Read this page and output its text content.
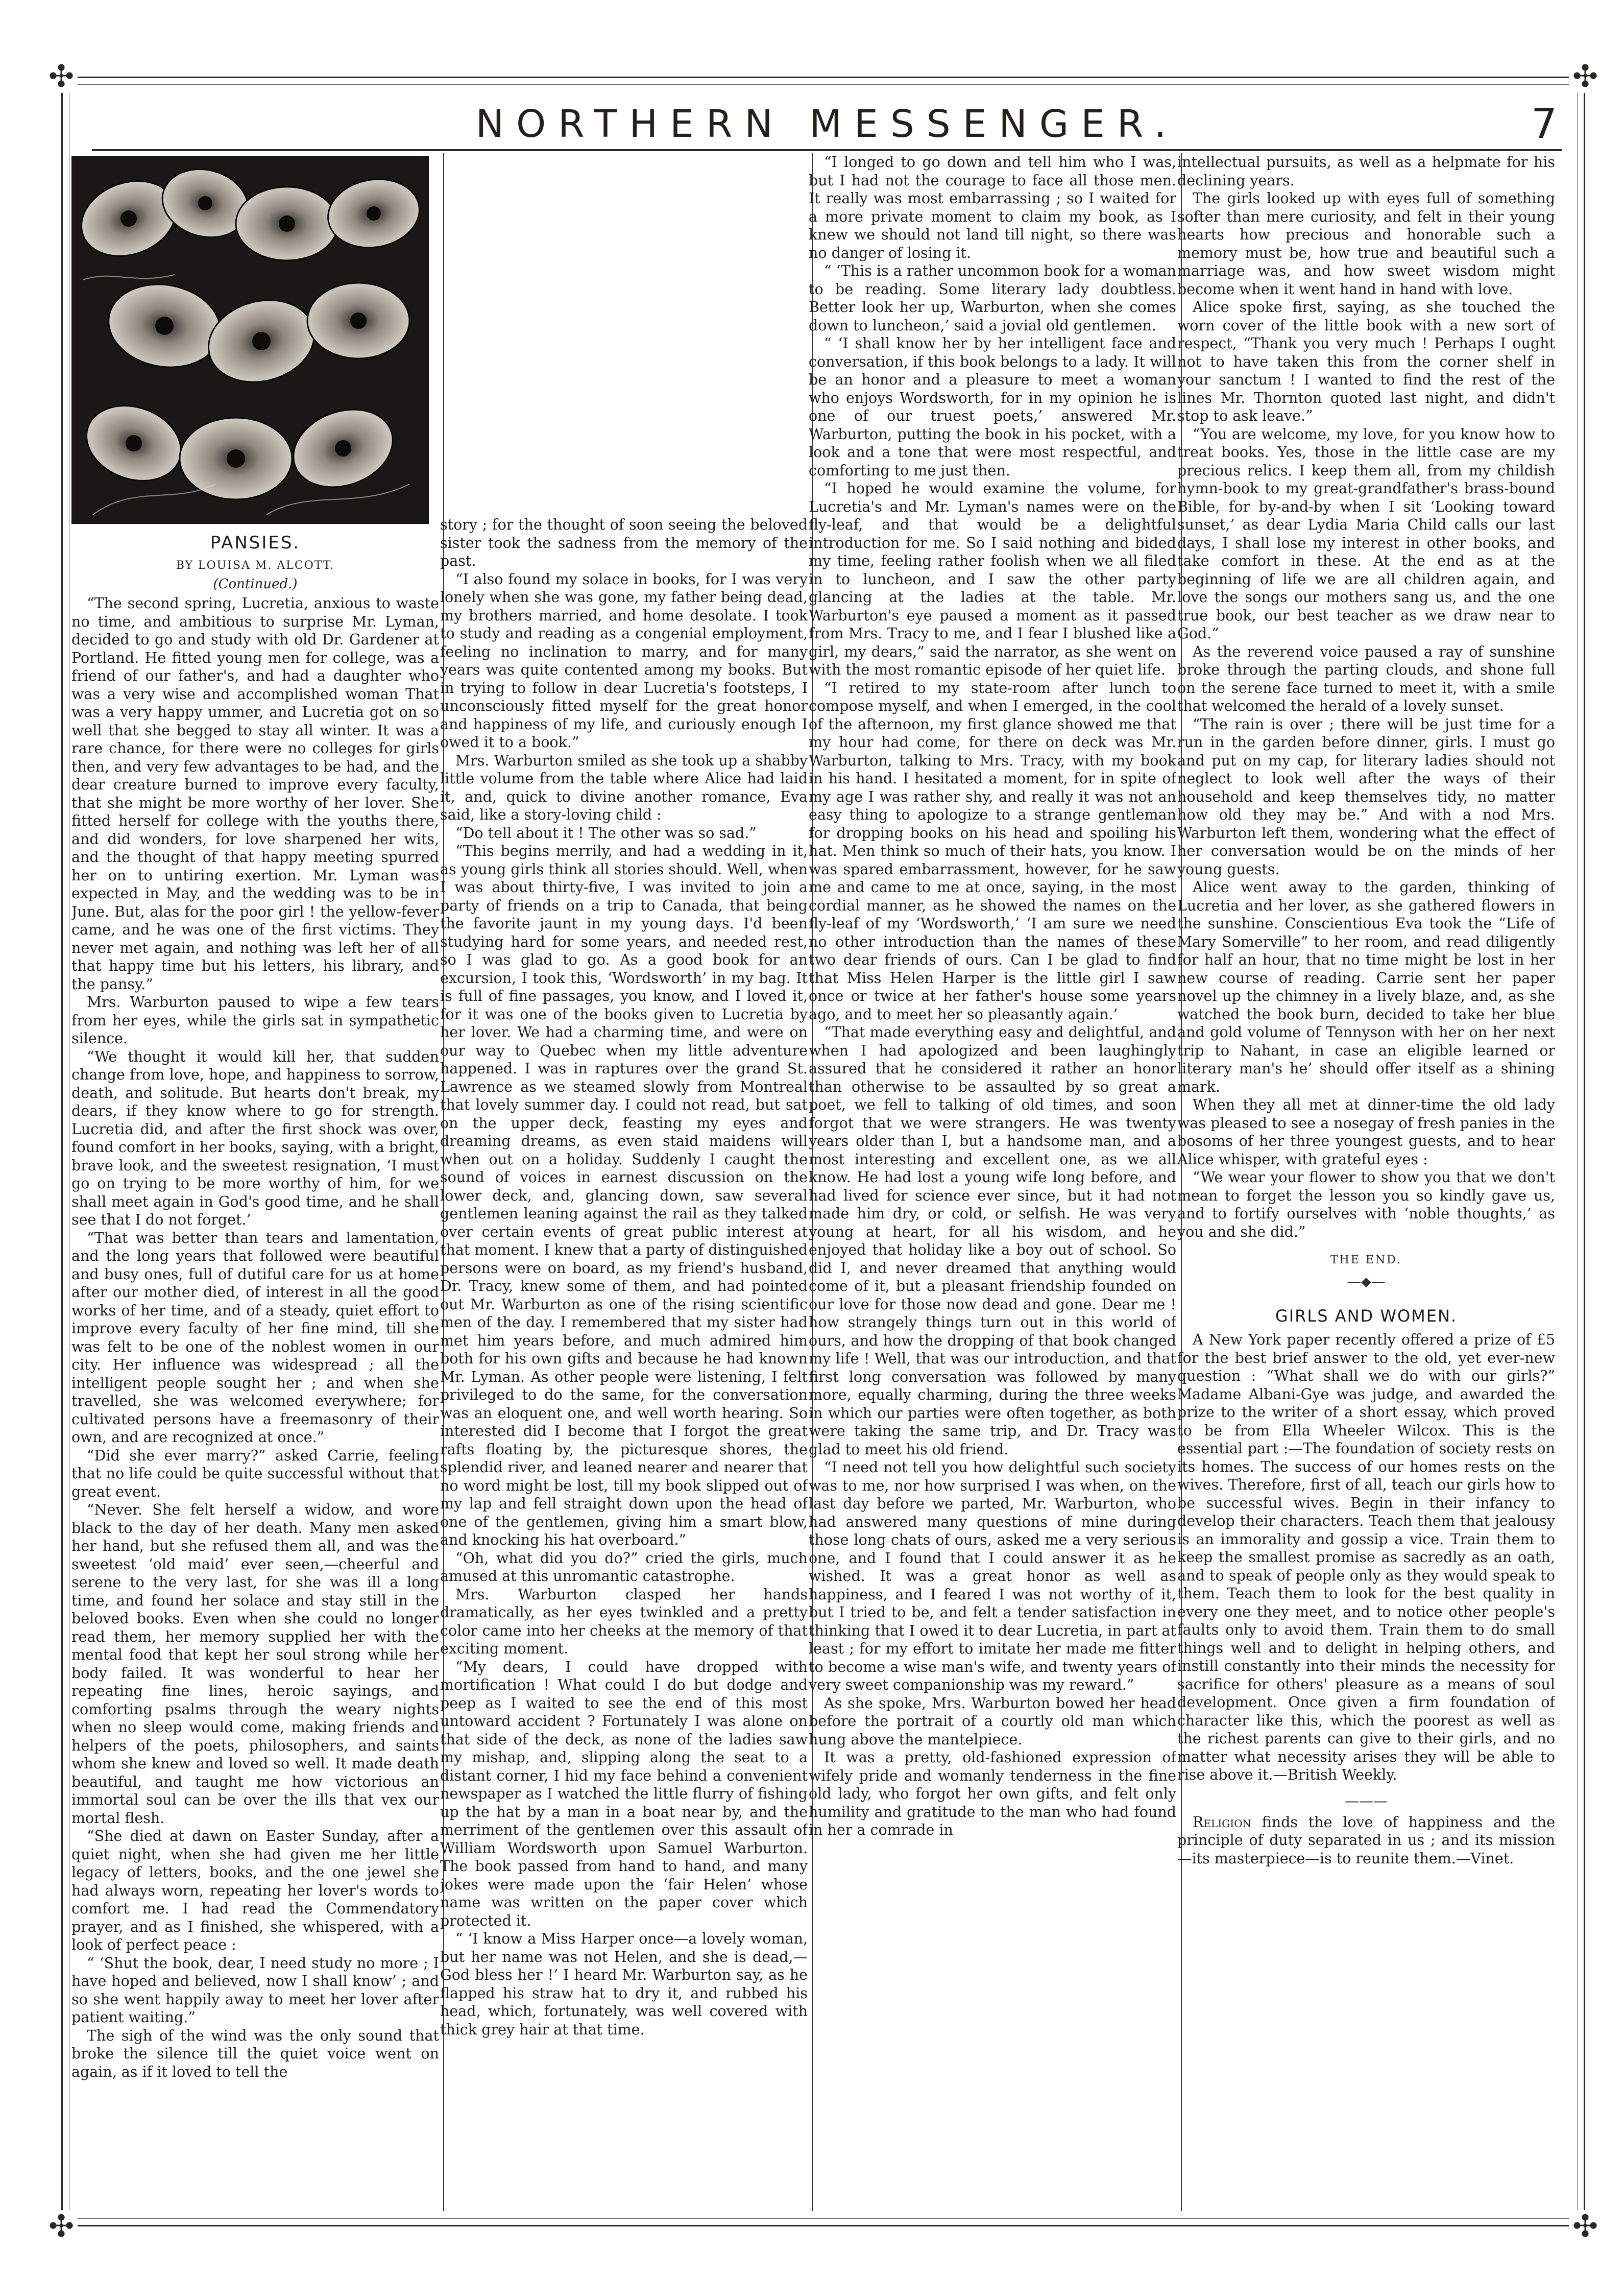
✣	✣
✣	✣
NORTHERN MESSENGER.	7

PANSIES.

BY LOUISA M. ALCOTT.

(Continued.)

“The second spring, Lucretia, anxious to waste no time, and ambitious to surprise Mr. Lyman, decided to go and study with old Dr. Gardener at Portland. He fitted young men for college, was a friend of our father's, and had a daughter who was a very wise and accomplished woman That was a very happy ummer, and Lucretia got on so well that she begged to stay all winter. It was a rare chance, for there were no colleges for girls then, and very few advantages to be had, and the dear creature burned to improve every faculty, that she might be more worthy of her lover. She fitted herself for college with the youths there, and did wonders, for love sharpened her wits, and the thought of that happy meeting spurred her on to untiring exertion. Mr. Lyman was expected in May, and the wedding was to be in June. But, alas for the poor girl ! the yellow-fever came, and he was one of the first victims. They never met again, and nothing was left her of all that happy time but his letters, his library, and the pansy.”

Mrs. Warburton paused to wipe a few tears from her eyes, while the girls sat in sympathetic silence.

“We thought it would kill her, that sudden change from love, hope, and happiness to sorrow, death, and solitude. But hearts don't break, my dears, if they know where to go for strength. Lucretia did, and after the first shock was over, found comfort in her books, saying, with a bright, brave look, and the sweetest resignation, ‘I must go on trying to be more worthy of him, for we shall meet again in God's good time, and he shall see that I do not forget.’

“That was better than tears and lamentation, and the long years that followed were beautiful and busy ones, full of dutiful care for us at home after our mother died, of interest in all the good works of her time, and of a steady, quiet effort to improve every faculty of her fine mind, till she was felt to be one of the noblest women in our city. Her influence was widespread ; all the intelligent people sought her ; and when she travelled, she was welcomed everywhere; for cultivated persons have a freemasonry of their own, and are recognized at once.”

“Did she ever marry?” asked Carrie, feeling that no life could be quite successful without that great event.

“Never. She felt herself a widow, and wore black to the day of her death. Many men asked her hand, but she refused them all, and was the sweetest ‘old maid’ ever seen,—cheerful and serene to the very last, for she was ill a long time, and found her solace and stay still in the beloved books. Even when she could no longer read them, her memory supplied her with the mental food that kept her soul strong while her body failed. It was wonderful to hear her repeating fine lines, heroic sayings, and comforting psalms through the weary nights when no sleep would come, making friends and helpers of the poets, philosophers, and saints whom she knew and loved so well. It made death beautiful, and taught me how victorious an immortal soul can be over the ills that vex our mortal flesh.

“She died at dawn on Easter Sunday, after a quiet night, when she had given me her little legacy of letters, books, and the one jewel she had always worn, repeating her lover's words to comfort me. I had read the Commendatory prayer, and as I finished, she whispered, with a look of perfect peace :

“ ‘Shut the book, dear, I need study no more ; I have hoped and believed, now I shall know’ ; and so she went happily away to meet her lover after patient waiting.”

The sigh of the wind was the only sound that broke the silence till the quiet voice went on again, as if it loved to tell the

story ; for the thought of soon seeing the beloved sister took the sadness from the memory of the past.

“I also found my solace in books, for I was very lonely when she was gone, my father being dead, my brothers married, and home desolate. I took to study and reading as a congenial employment, feeling no inclination to marry, and for many years was quite contented among my books. But in trying to follow in dear Lucretia's footsteps, I unconsciously fitted myself for the great honor and happiness of my life, and curiously enough I owed it to a book.”

Mrs. Warburton smiled as she took up a shabby little volume from the table where Alice had laid it, and, quick to divine another romance, Eva said, like a story-loving child :

“Do tell about it ! The other was so sad.”

“This begins merrily, and had a wedding in it, as young girls think all stories should. Well, when I was about thirty-five, I was invited to join a party of friends on a trip to Canada, that being the favorite jaunt in my young days. I'd been studying hard for some years, and needed rest, so I was glad to go. As a good book for an excursion, I took this, ‘Wordsworth’ in my bag. It is full of fine passages, you know, and I loved it, for it was one of the books given to Lucretia by her lover. We had a charming time, and were on our way to Quebec when my little adventure happened. I was in raptures over the grand St. Lawrence as we steamed slowly from Montreal that lovely summer day. I could not read, but sat on the upper deck, feasting my eyes and dreaming dreams, as even staid maidens will when out on a holiday. Suddenly I caught the sound of voices in earnest discussion on the lower deck, and, glancing down, saw several gentlemen leaning against the rail as they talked over certain events of great public interest at that moment. I knew that a party of distinguished persons were on board, as my friend's husband, Dr. Tracy, knew some of them, and had pointed out Mr. Warburton as one of the rising scientific men of the day. I remembered that my sister had met him years before, and much admired him both for his own gifts and because he had known Mr. Lyman. As other people were listening, I felt privileged to do the same, for the conversation was an eloquent one, and well worth hearing. So interested did I become that I forgot the great rafts floating by, the picturesque shores, the splendid river, and leaned nearer and nearer that no word might be lost, till my book slipped out of my lap and fell straight down upon the head of one of the gentlemen, giving him a smart blow, and knocking his hat overboard.”

“Oh, what did you do?” cried the girls, much amused at this unromantic catastrophe.

Mrs. Warburton clasped her hands dramatically, as her eyes twinkled and a pretty color came into her cheeks at the memory of that exciting moment.

“My dears, I could have dropped with mortification ! What could I do but dodge and peep as I waited to see the end of this most untoward accident ? Fortunately I was alone on that side of the deck, as none of the ladies saw my mishap, and, slipping along the seat to a distant corner, I hid my face behind a convenient newspaper as I watched the little flurry of fishing up the hat by a man in a boat near by, and the merriment of the gentlemen over this assault of William Wordsworth upon Samuel Warburton. The book passed from hand to hand, and many jokes were made upon the ‘fair Helen’ whose name was written on the paper cover which protected it.

“ ‘I know a Miss Harper once—a lovely woman, but her name was not Helen, and she is dead,—God bless her !’ I heard Mr. Warburton say, as he flapped his straw hat to dry it, and rubbed his head, which, fortunately, was well covered with thick grey hair at that time.

“I longed to go down and tell him who I was, but I had not the courage to face all those men. It really was most embarrassing ; so I waited for a more private moment to claim my book, as I knew we should not land till night, so there was no danger of losing it.

“ ‘This is a rather uncommon book for a woman to be reading. Some literary lady doubtless. Better look her up, Warburton, when she comes down to luncheon,’ said a jovial old gentlemen.

“ ‘I shall know her by her intelligent face and conversation, if this book belongs to a lady. It will be an honor and a pleasure to meet a woman who enjoys Wordsworth, for in my opinion he is one of our truest poets,’ answered Mr. Warburton, putting the book in his pocket, with a look and a tone that were most respectful, and comforting to me just then.

“I hoped he would examine the volume, for Lucretia's and Mr. Lyman's names were on the fly-leaf, and that would be a delightful introduction for me. So I said nothing and bided my time, feeling rather foolish when we all filed in to luncheon, and I saw the other party glancing at the ladies at the table. Mr. Warburton's eye paused a moment as it passed from Mrs. Tracy to me, and I fear I blushed like a girl, my dears,” said the narrator, as she went on with the most romantic episode of her quiet life.

“I retired to my state-room after lunch to compose myself, and when I emerged, in the cool of the afternoon, my first glance showed me that my hour had come, for there on deck was Mr. Warburton, talking to Mrs. Tracy, with my book in his hand. I hesitated a moment, for in spite of my age I was rather shy, and really it was not an easy thing to apologize to a strange gentleman for dropping books on his head and spoiling his hat. Men think so much of their hats, you know. I was spared embarrassment, however, for he saw me and came to me at once, saying, in the most cordial manner, as he showed the names on the fly-leaf of my ‘Wordsworth,’ ‘I am sure we need no other introduction than the names of these two dear friends of ours. Can I be glad to find that Miss Helen Harper is the little girl I saw once or twice at her father's house some years ago, and to meet her so pleasantly again.’

“That made everything easy and delightful, and when I had apologized and been laughingly assured that he considered it rather an honor than otherwise to be assaulted by so great a poet, we fell to talking of old times, and soon forgot that we were strangers. He was twenty years older than I, but a handsome man, and a most interesting and excellent one, as we all know. He had lost a young wife long before, and had lived for science ever since, but it had not made him dry, or cold, or selfish. He was very young at heart, for all his wisdom, and he enjoyed that holiday like a boy out of school. So did I, and never dreamed that anything would come of it, but a pleasant friendship founded on our love for those now dead and gone. Dear me ! how strangely things turn out in this world of ours, and how the dropping of that book changed my life ! Well, that was our introduction, and that first long conversation was followed by many more, equally charming, during the three weeks in which our parties were often together, as both were taking the same trip, and Dr. Tracy was glad to meet his old friend.

“I need not tell you how delightful such society was to me, nor how surprised I was when, on the last day before we parted, Mr. Warburton, who had answered many questions of mine during those long chats of ours, asked me a very serious one, and I found that I could answer it as he wished. It was a great honor as well as happiness, and I feared I was not worthy of it, but I tried to be, and felt a tender satisfaction in thinking that I owed it to dear Lucretia, in part at least ; for my effort to imitate her made me fitter to become a wise man's wife, and twenty years of very sweet companionship was my reward.”

As she spoke, Mrs. Warburton bowed her head before the portrait of a courtly old man which hung above the mantelpiece.

It was a pretty, old-fashioned expression of wifely pride and womanly tenderness in the fine old lady, who forgot her own gifts, and felt only humility and gratitude to the man who had found in her a comrade in

intellectual pursuits, as well as a helpmate for his declining years.

The girls looked up with eyes full of something softer than mere curiosity, and felt in their young hearts how precious and honorable such a memory must be, how true and beautiful such a marriage was, and how sweet wisdom might become when it went hand in hand with love.

Alice spoke first, saying, as she touched the worn cover of the little book with a new sort of respect, “Thank you very much ! Perhaps I ought not to have taken this from the corner shelf in your sanctum ! I wanted to find the rest of the lines Mr. Thornton quoted last night, and didn't stop to ask leave.”

“You are welcome, my love, for you know how to treat books. Yes, those in the little case are my precious relics. I keep them all, from my childish hymn-book to my great-grandfather's brass-bound Bible, for by-and-by when I sit ‘Looking toward sunset,’ as dear Lydia Maria Child calls our last days, I shall lose my interest in other books, and take comfort in these. At the end as at the beginning of life we are all children again, and love the songs our mothers sang us, and the one true book, our best teacher as we draw near to God.”

As the reverend voice paused a ray of sunshine broke through the parting clouds, and shone full on the serene face turned to meet it, with a smile that welcomed the herald of a lovely sunset.

“The rain is over ; there will be just time for a run in the garden before dinner, girls. I must go and put on my cap, for literary ladies should not neglect to look well after the ways of their household and keep themselves tidy, no matter how old they may be.” And with a nod Mrs. Warburton left them, wondering what the effect of her conversation would be on the minds of her young guests.

Alice went away to the garden, thinking of Lucretia and her lover, as she gathered flowers in the sunshine. Conscientious Eva took the “Life of Mary Somerville” to her room, and read diligently for half an hour, that no time might be lost in her new course of reading. Carrie sent her paper novel up the chimney in a lively blaze, and, as she watched the book burn, decided to take her blue and gold volume of Tennyson with her on her next trip to Nahant, in case an eligible learned or literary man's he’ should offer itself as a shining mark.

When they all met at dinner-time the old lady was pleased to see a nosegay of fresh panies in the bosoms of her three youngest guests, and to hear Alice whisper, with grateful eyes :

“We wear your flower to show you that we don't mean to forget the lesson you so kindly gave us, and to fortify ourselves with ‘noble thoughts,’ as you and she did.”

THE END.

—⬥—

GIRLS AND WOMEN.

A New York paper recently offered a prize of £5 for the best brief answer to the old, yet ever-new question : “What shall we do with our girls?” Madame Albani-Gye was judge, and awarded the prize to the writer of a short essay, which proved to be from Ella Wheeler Wilcox. This is the essential part :—The foundation of society rests on its homes. The success of our homes rests on the wives. Therefore, first of all, teach our girls how to be successful wives. Begin in their infancy to develop their characters. Teach them that jealousy is an immorality and gossip a vice. Train them to keep the smallest promise as sacredly as an oath, and to speak of people only as they would speak to them. Teach them to look for the best quality in every one they meet, and to notice other people's faults only to avoid them. Train them to do small things well and to delight in helping others, and instill constantly into their minds the necessity for sacrifice for others' pleasure as a means of soul development. Once given a firm foundation of character like this, which the poorest as well as the richest parents can give to their girls, and no matter what necessity arises they will be able to rise above it.—British Weekly.

———

Religion finds the love of happiness and the principle of duty separated in us ; and its mission—its masterpiece—is to reunite them.—Vinet.
